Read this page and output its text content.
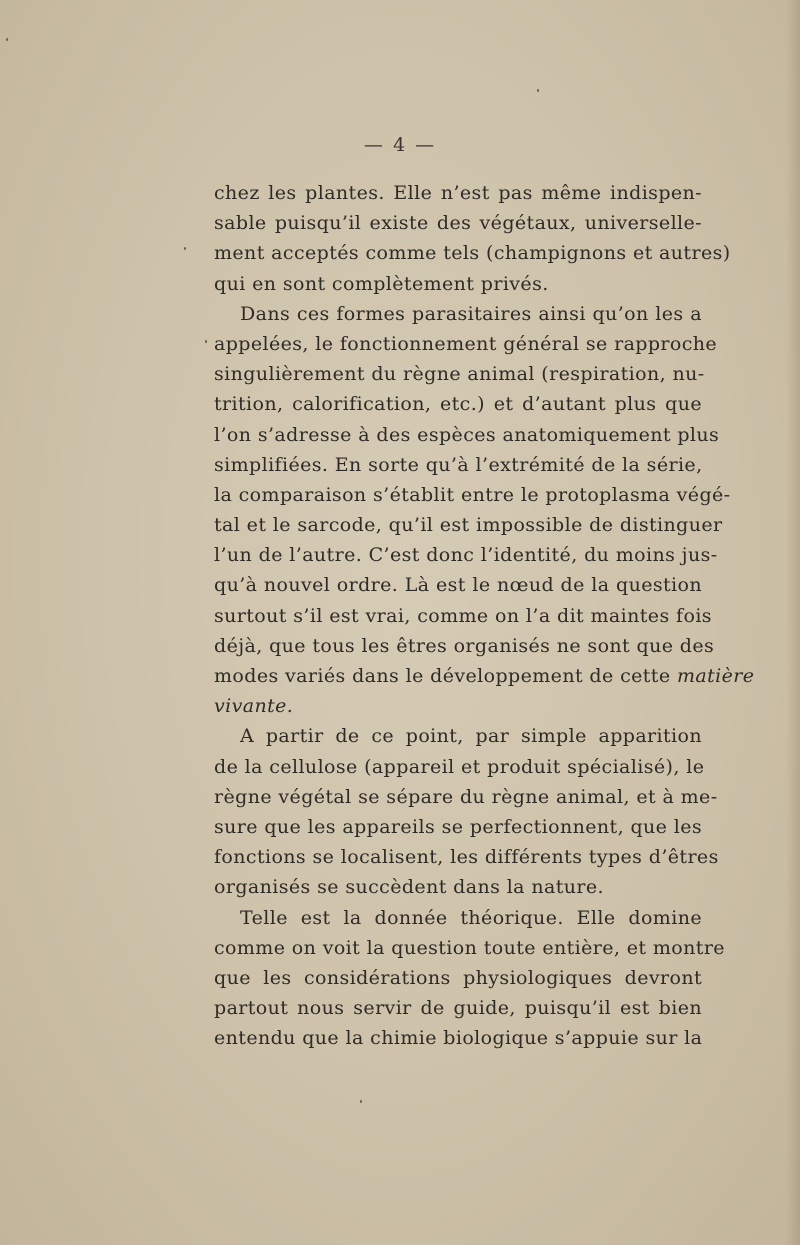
— 4 —
chez les plantes. Elle n’est pas même indispen-
sable puisqu’il existe des végétaux, universelle-
ment acceptés comme tels (champignons et autres)
qui en sont complètement privés.
Dans ces formes parasitaires ainsi qu’on les a
appelées, le fonctionnement général se rapproche
singulièrement du règne animal (respiration, nu-
trition, calorification, etc.) et d’autant plus que
l’on s’adresse à des espèces anatomiquement plus
simplifiées. En sorte qu’à l’extrémité de la série,
la comparaison s’établit entre le protoplasma végé-
tal et le sarcode, qu’il est impossible de distinguer
l’un de l’autre. C’est donc l’identité, du moins jus-
qu’à nouvel ordre. Là est le nœud de la question
surtout s’il est vrai, comme on l’a dit maintes fois
déjà, que tous les êtres organisés ne sont que des
modes variés dans le développement de cette matière
vivante.
A partir de ce point, par simple apparition
de la cellulose (appareil et produit spécialisé), le
règne végétal se sépare du règne animal, et à me-
sure que les appareils se perfectionnent, que les
fonctions se localisent, les différents types d’êtres
organisés se succèdent dans la nature.
Telle est la donnée théorique. Elle domine
comme on voit la question toute entière, et montre
que les considérations physiologiques devront
partout nous servir de guide, puisqu’il est bien
entendu que la chimie biologique s’appuie sur la
